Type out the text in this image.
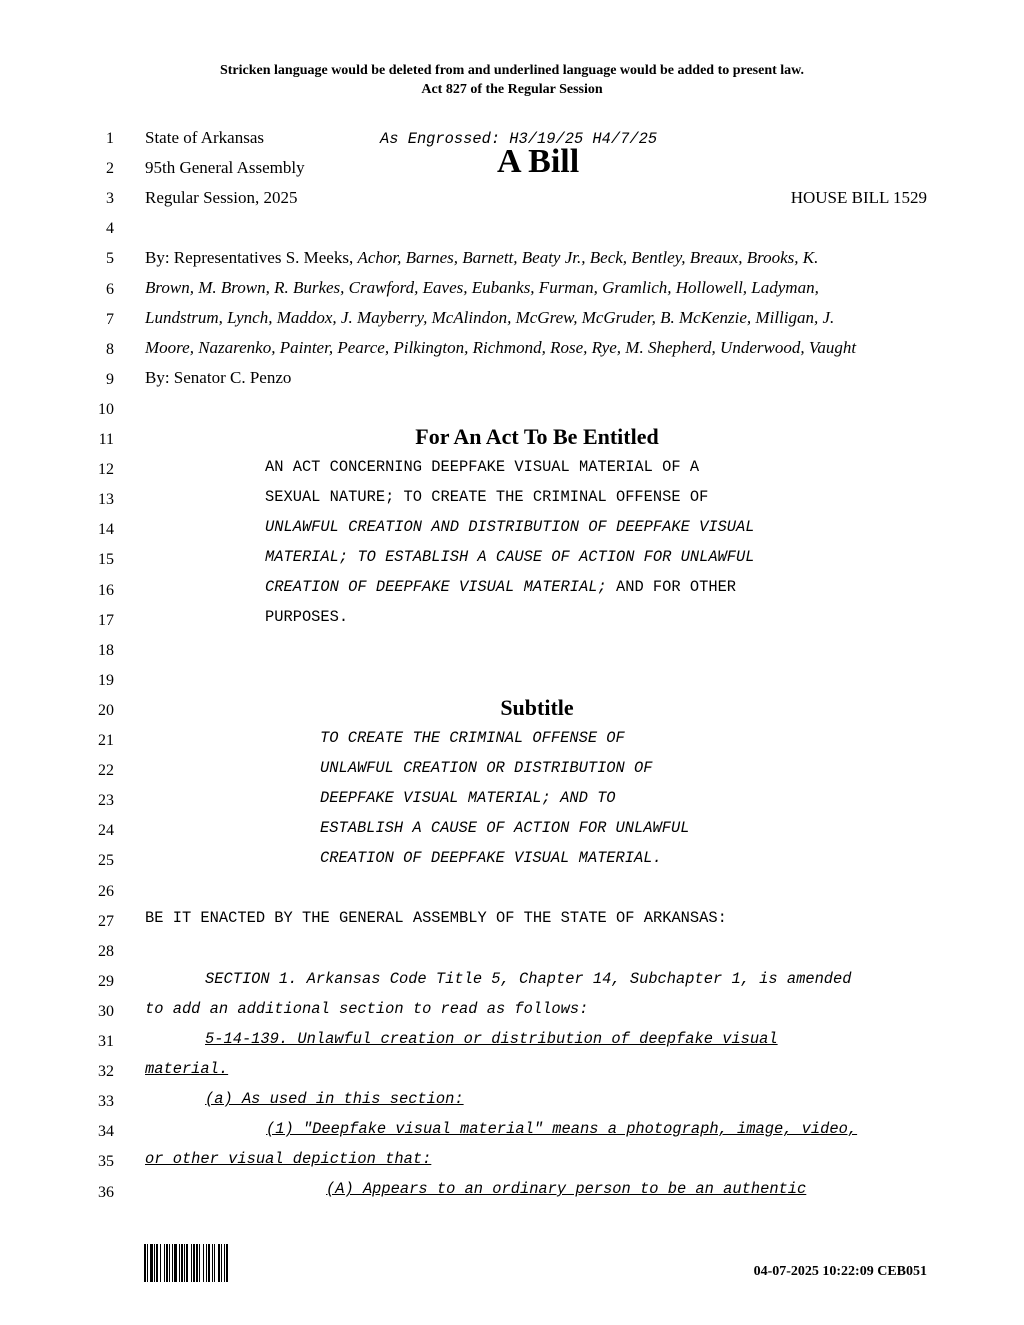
Stricken language would be deleted from and underlined language would be added to present law.
Act 827 of the Regular Session
1
2
3
4
5
6
7
8
9
10
11
12
13
14
15
16
17
18
19
20
21
22
23
24
25
26
27
28
29
30
31
32
33
34
35
36
State of Arkansas	As Engrossed: H3/19/25 H4/7/25
A Bill
95th General Assembly
Regular Session, 2025	HOUSE BILL 1529
By: Representatives S. Meeks, Achor, Barnes, Barnett, Beaty Jr., Beck, Bentley, Breaux, Brooks, K.
Brown, M. Brown, R. Burkes, Crawford, Eaves, Eubanks, Furman, Gramlich, Hollowell, Ladyman,
Lundstrum, Lynch, Maddox, J. Mayberry, McAlindon, McGrew, McGruder, B. McKenzie, Milligan, J.
Moore, Nazarenko, Painter, Pearce, Pilkington, Richmond, Rose, Rye, M. Shepherd, Underwood, Vaught
By: Senator C. Penzo
For An Act To Be Entitled
AN ACT CONCERNING DEEPFAKE VISUAL MATERIAL OF A
SEXUAL NATURE; TO CREATE THE CRIMINAL OFFENSE OF
UNLAWFUL CREATION AND DISTRIBUTION OF DEEPFAKE VISUAL
MATERIAL; TO ESTABLISH A CAUSE OF ACTION FOR UNLAWFUL
CREATION OF DEEPFAKE VISUAL MATERIAL; AND FOR OTHER
PURPOSES.
Subtitle
TO CREATE THE CRIMINAL OFFENSE OF
UNLAWFUL CREATION OR DISTRIBUTION OF
DEEPFAKE VISUAL MATERIAL; AND TO
ESTABLISH A CAUSE OF ACTION FOR UNLAWFUL
CREATION OF DEEPFAKE VISUAL MATERIAL.
BE IT ENACTED BY THE GENERAL ASSEMBLY OF THE STATE OF ARKANSAS:
SECTION 1. Arkansas Code Title 5, Chapter 14, Subchapter 1, is amended
to add an additional section to read as follows:
5-14-139. Unlawful creation or distribution of deepfake visual
material.
(a) As used in this section:
(1) "Deepfake visual material" means a photograph, image, video,
or other visual depiction that:
(A) Appears to an ordinary person to be an authentic
04-07-2025 10:22:09 CEB051
